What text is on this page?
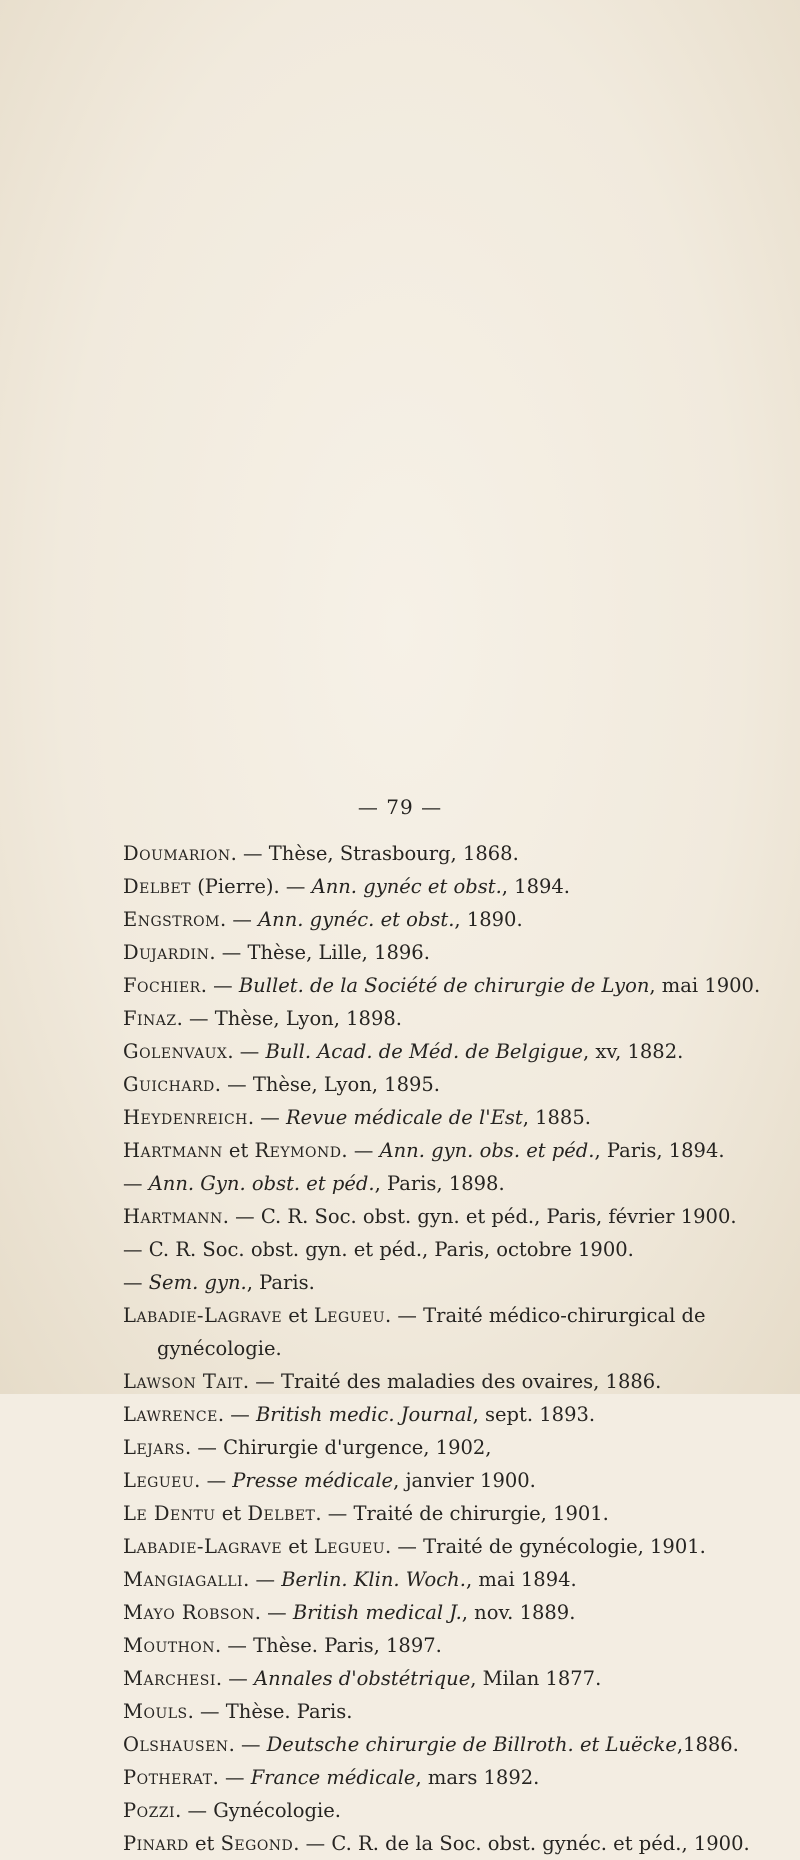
— 79 —

Doumarion. — Thèse, Strasbourg, 1868.

Delbet (Pierre). — Ann. gynéc et obst., 1894.

Engstrom. — Ann. gynéc. et obst., 1890.

Dujardin. — Thèse, Lille, 1896.

Fochier. — Bullet. de la Société de chirurgie de Lyon, mai 1900.

Finaz. — Thèse, Lyon, 1898.

Golenvaux. — Bull. Acad. de Méd. de Belgigue, xv, 1882.

Guichard. — Thèse, Lyon, 1895.

Heydenreich. — Revue médicale de l'Est, 1885.

Hartmann et Reymond. — Ann. gyn. obs. et péd., Paris, 1894.

— Ann. Gyn. obst. et péd., Paris, 1898.

Hartmann. — C. R. Soc. obst. gyn. et péd., Paris, février 1900.

— C. R. Soc. obst. gyn. et péd., Paris, octobre 1900.

— Sem. gyn., Paris.

Labadie-Lagrave et Legueu. — Traité médico-chirurgical de gynécologie.

Lawson Tait. — Traité des maladies des ovaires, 1886.

Lawrence. — British medic. Journal, sept. 1893.

Lejars. — Chirurgie d'urgence, 1902,

Legueu. — Presse médicale, janvier 1900.

Le Dentu et Delbet. — Traité de chirurgie, 1901.

Labadie-Lagrave et Legueu. — Traité de gynécologie, 1901.

Mangiagalli. — Berlin. Klin. Woch., mai 1894.

Mayo Robson. — British medical J., nov. 1889.

Mouthon. — Thèse. Paris, 1897.

Marchesi. — Annales d'obstétrique, Milan 1877.

Mouls. — Thèse. Paris.

Olshausen. — Deutsche chirurgie de Billroth. et Luëcke,1886.

Potherat. — France médicale, mars 1892.

Pozzi. — Gynécologie.

Pinard et Segond. — C. R. de la Soc. obst. gynéc. et péd., 1900.
